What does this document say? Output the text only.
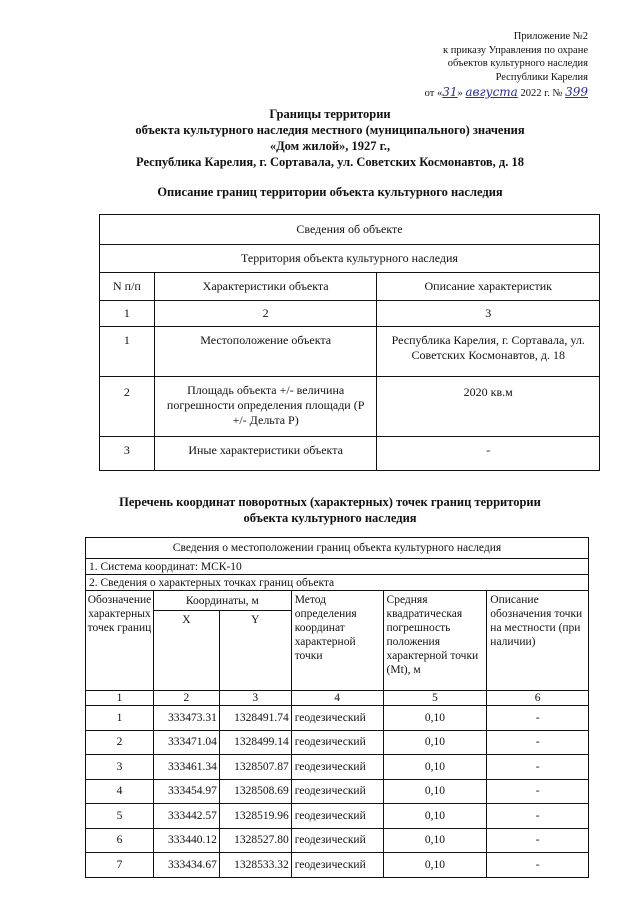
Приложение №2
к приказу Управления по охране
объектов культурного наследия
Республики Карелия
от «31» августа 2022 г. № 399
Границы территории
объекта культурного наследия местного (муниципального) значения
«Дом жилой», 1927 г.,
Республика Карелия, г. Сортавала, ул. Советских Космонавтов, д. 18
Описание границ территории объекта культурного наследия
Сведения об объекте		
Территория объекта культурного наследия		
N п/п	Характеристики объекта	Описание характеристик
1	2	3
1	Местоположение объекта	Республика Карелия, г. Сортавала, ул. Советских Космонавтов, д. 18
2	Площадь объекта +/- величина погрешности определения площади (Р +/- Дельта Р)	2020 кв.м
3	Иные характеристики объекта	-
Перечень координат поворотных (характерных) точек границ территории
объекта культурного наследия
Сведения о местоположении границ объекта культурного наследия					
1. Система координат: МСК-10					
2. Сведения о характерных точках границ объекта					
Обозначение характерных точек границ	Координаты, м		Метод определения координат характерной точки	Средняя квадратическая погрешность положения характерной точки (Mt), м	Описание обозначения точки на местности (при наличии)
	X	Y			
1	2	3	4	5	6
1	333473.31	1328491.74	геодезический	0,10	-
2	333471.04	1328499.14	геодезический	0,10	-
3	333461.34	1328507.87	геодезический	0,10	-
4	333454.97	1328508.69	геодезический	0,10	-
5	333442.57	1328519.96	геодезический	0,10	-
6	333440.12	1328527.80	геодезический	0,10	-
7	333434.67	1328533.32	геодезический	0,10	-
